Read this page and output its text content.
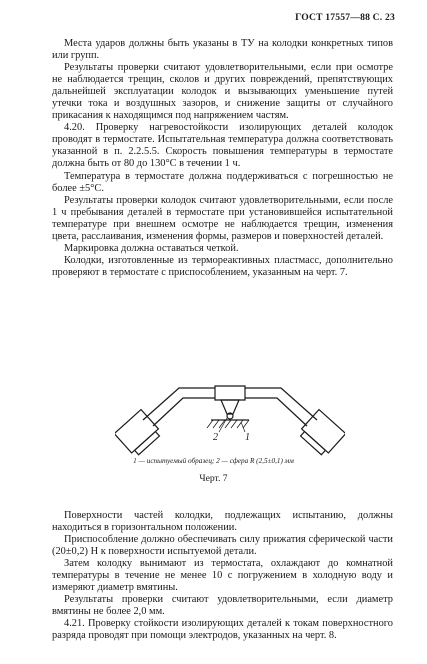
ГОСТ 17557—88 С. 23

Места ударов должны быть указаны в ТУ на колодки конкретных типов или групп.

Результаты проверки считают удовлетворительными, если при осмотре не наблюдается трещин, сколов и других повреждений, препятствующих дальнейшей эксплуатации колодок и вызывающих уменьшение путей утечки тока и воздушных зазоров, и снижение защиты от случайного прикасания к находящимся под напряжением частям.

4.20. Проверку нагревостойкости изолирующих деталей колодок проводят в термостате. Испытательная температура должна соответствовать указанной в п. 2.2.5.5. Скорость повышения температуры в термостате должна быть от 80 до 130°С в течении 1 ч.

Температура в термостате должна поддерживаться с погрешностью не более ±5°С.

Результаты проверки колодок считают удовлетворительными, если после 1 ч пребывания деталей в термостате при установившейся испытательной температуре при внешнем осмотре не наблюдается трещин, изменения цвета, расслаивания, изменения формы, размеров и поверхностей деталей.

Маркировка должна оставаться четкой.

Колодки, изготовленные из термореактивных пластмасс, дополнительно проверяют в термостате с приспособлением, указанным на черт. 7.

2	1
1 — испытуемый образец; 2 — сфера R (2,5±0,1) мм
Черт. 7

Поверхности частей колодки, подлежащих испытанию, должны находиться в горизонтальном положении.

Приспособление должно обеспечивать силу прижатия сферической части (20±0,2) Н к поверхности испытуемой детали.

Затем колодку вынимают из термостата, охлаждают до комнатной температуры в течение не менее 10 с погружением в холодную воду и измеряют диаметр вмятины.

Результаты проверки считают удовлетворительными, если диаметр вмятины не более 2,0 мм.

4.21. Проверку стойкости изолирующих деталей к токам поверхностного разряда проводят при помощи электродов, указанных на черт. 8.
